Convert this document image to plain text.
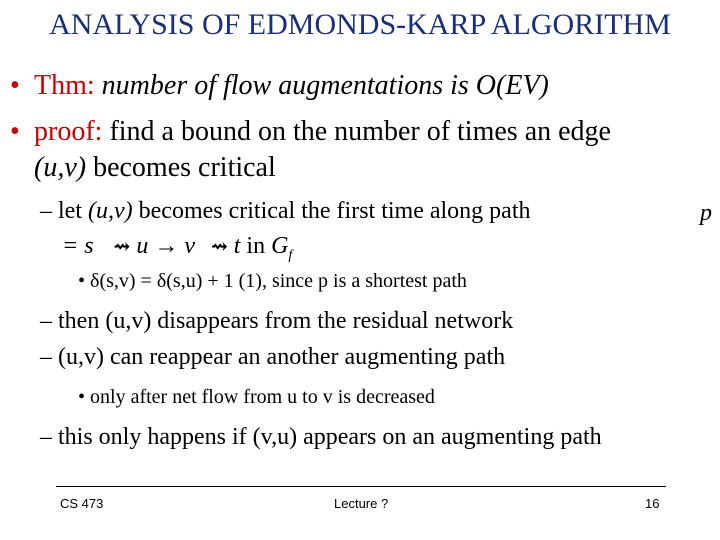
ANALYSIS OF EDMONDS-KARP ALGORITHM
• Thm: number of flow augmentations is O(EV)
• proof: find a bound on the number of times an edge
(u,v) becomes critical
– let (u,v) becomes critical the first time along path	p
= s ⇝ u → v ⇝ t in $G_f$
• δ(s,v) = δ(s,u) + 1 (1), since p is a shortest path
– then (u,v) disappears from the residual network
– (u,v) can reappear an another augmenting path
• only after net flow from u to v is decreased
– this only happens if (v,u) appears on an augmenting path
CS 473	Lecture ?	16
